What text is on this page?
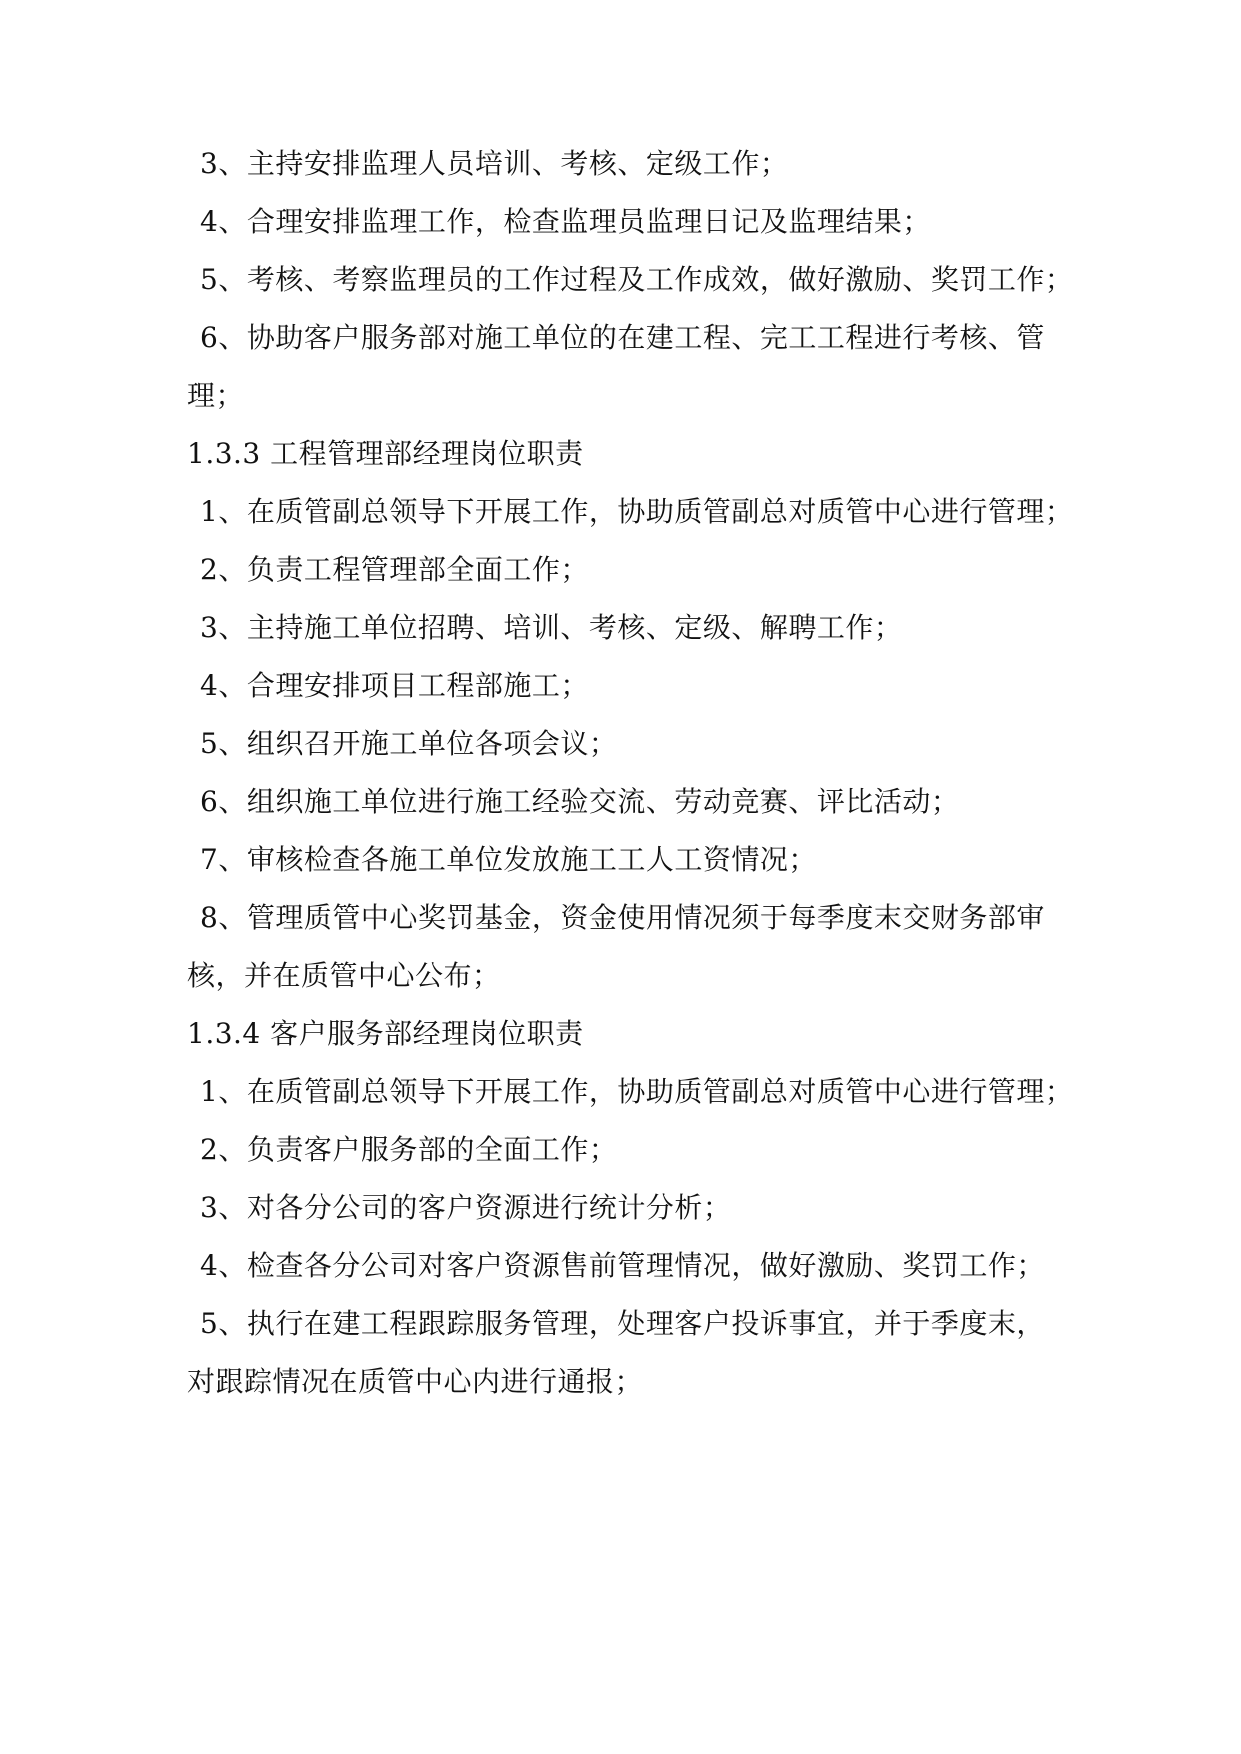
3、主持安排监理人员培训、考核、定级工作；
4、合理安排监理工作，检查监理员监理日记及监理结果；
5、考核、考察监理员的工作过程及工作成效，做好激励、奖罚工作；
6、协助客户服务部对施工单位的在建工程、完工工程进行考核、管
理；
1.3.3 工程管理部经理岗位职责
1、在质管副总领导下开展工作，协助质管副总对质管中心进行管理；
2、负责工程管理部全面工作；
3、主持施工单位招聘、培训、考核、定级、解聘工作；
4、合理安排项目工程部施工；
5、组织召开施工单位各项会议；
6、组织施工单位进行施工经验交流、劳动竞赛、评比活动；
7、审核检查各施工单位发放施工工人工资情况；
8、管理质管中心奖罚基金，资金使用情况须于每季度末交财务部审
核，并在质管中心公布；
1.3.4 客户服务部经理岗位职责
1、在质管副总领导下开展工作，协助质管副总对质管中心进行管理；
2、负责客户服务部的全面工作；
3、对各分公司的客户资源进行统计分析；
4、检查各分公司对客户资源售前管理情况，做好激励、奖罚工作；
5、执行在建工程跟踪服务管理，处理客户投诉事宜，并于季度末，
对跟踪情况在质管中心内进行通报；
